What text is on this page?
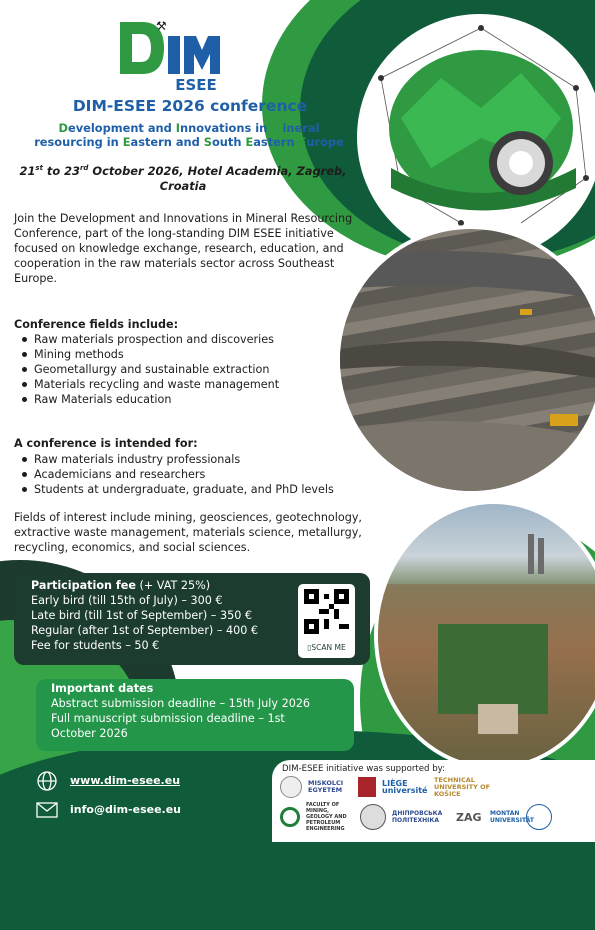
⚒
ESEE
DIM-ESEE 2026 conference
Development and Innovations in Mineral
resourcing in Eastern and South Eastern Europe
21st to 23rd October 2026, Hotel Academia, Zagreb,
Croatia
Join the Development and Innovations in Mineral Resourcing Conference, part of the long-standing DIM ESEE initiative focused on knowledge exchange, research, education, and cooperation in the raw materials sector across Southeast Europe.
Conference fields include:
Raw materials prospection and discoveries
Mining methods
Geometallurgy and sustainable extraction
Materials recycling and waste management
Raw Materials education
A conference is intended for:
Raw materials industry professionals
Academicians and researchers
Students at undergraduate, graduate, and PhD levels
Fields of interest include mining, geosciences, geotechnology, extractive waste management, materials science, metallurgy, recycling, economics, and social sciences.
Participation fee (+ VAT 25%)
Early bird (till 15th of July) – 300 €
Late bird (till 1st of September) – 350 €
Regular (after 1st of September) – 400 €
Fee for students – 50 €	▯SCAN ME
Important dates
Abstract submission deadline – 15th July 2026
Full manuscript submission deadline – 1st
October 2026
www.dim-esee.eu
info@dim-esee.eu
DIM-ESEE initiative was supported by:
MISKOLCI EGYETEM
LIÈGE université
TECHNICAL UNIVERSITY OF KOŠICE
FACULTY OF MINING, GEOLOGY AND PETROLEUM ENGINEERING
ДНІПРОВСЬКА ПОЛІТЕХНІКА	ZAG	MONTAN UNIVERSITÄT
